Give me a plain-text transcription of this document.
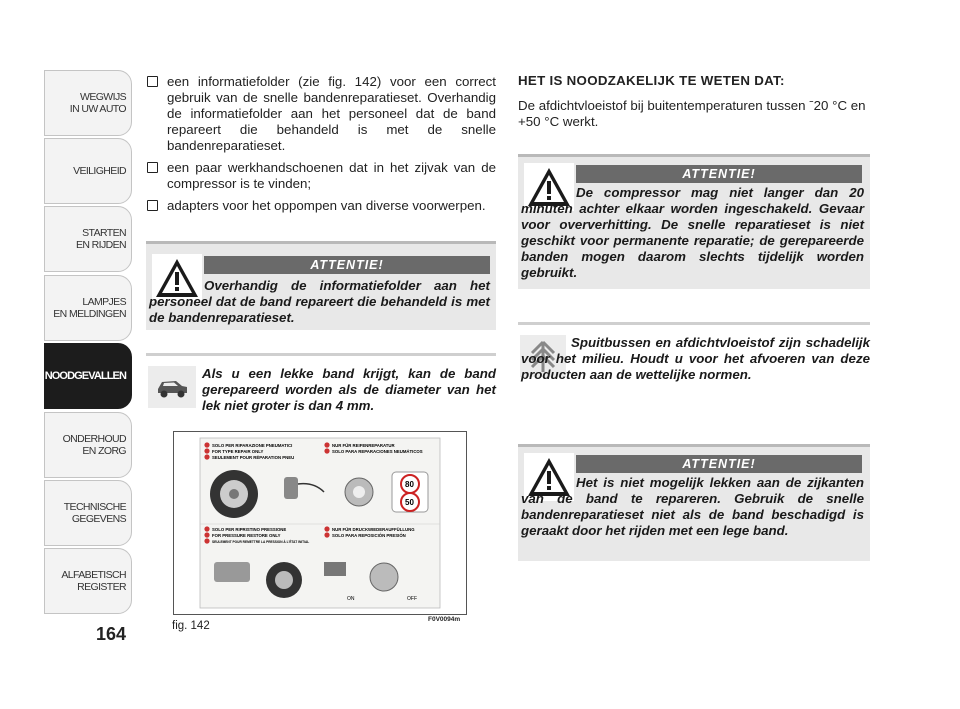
WEGWIJS
IN UW AUTO
VEILIGHEID
STARTEN
EN RIJDEN
LAMPJES
EN MELDINGEN
NOODGEVALLEN
ONDERHOUD
EN ZORG
TECHNISCHE
GEGEVENS
ALFABETISCH
REGISTER
164
een informatiefolder (zie fig. 142) voor een correct gebruik van de snelle bandenreparatieset. Overhandig de informatiefolder aan het personeel dat de band repareert die behandeld is met de snelle bandenreparatieset.
een paar werkhandschoenen dat in het zijvak van de compressor is te vinden;
adapters voor het oppompen van diverse voorwerpen.
ATTENTIE!
Overhandig de informatiefolder aan het personeel dat de band repareert die behandeld is met de bandenreparatieset.
Als u een lekke band krijgt, kan de band gerepareerd worden als de diameter van het lek niet groter is dan 4 mm.
SOLO PER RIPARAZIONE PNEUMATICI
FOR TYPE REPAIR ONLY
SEULEMENT POUR RÉPARATION PNEU
NUR FÜR REIFENREPARATUR
SOLO PARA REPARACIONES NEUMÁTICOS
80
50
SOLO PER RIPRISTINO PRESSIONE
FOR PRESSURE RESTORE ONLY
SEULEMENT POUR REMETTRE LA PRESSION À L'ÉTAT INITIAL
NUR FÜR DRUCKWIEDERAUFFÜLLUNG
SOLO PARA REPOSICIÓN PRESIÓN
OFF
ON
fig. 142
F0V0094m
HET IS NOODZAKELIJK TE WETEN DAT:
De afdichtvloeistof bij buitentemperaturen tussen ˉ20 °C en +50 °C werkt.
ATTENTIE!
De compressor mag niet langer dan 20 minuten achter elkaar worden ingeschakeld. Gevaar voor oververhitting. De snelle reparatieset is niet geschikt voor permanente reparatie; de gerepareerde banden mogen daarom slechts tijdelijk worden gebruikt.
Spuitbussen en afdichtvloeistof zijn schadelijk voor het milieu. Houdt u voor het afvoeren van deze producten aan de wettelijke normen.
ATTENTIE!
Het is niet mogelijk lekken aan de zijkanten van de band te repareren. Gebruik de snelle bandenreparatieset niet als de band beschadigd is geraakt door het rijden met een lege band.
